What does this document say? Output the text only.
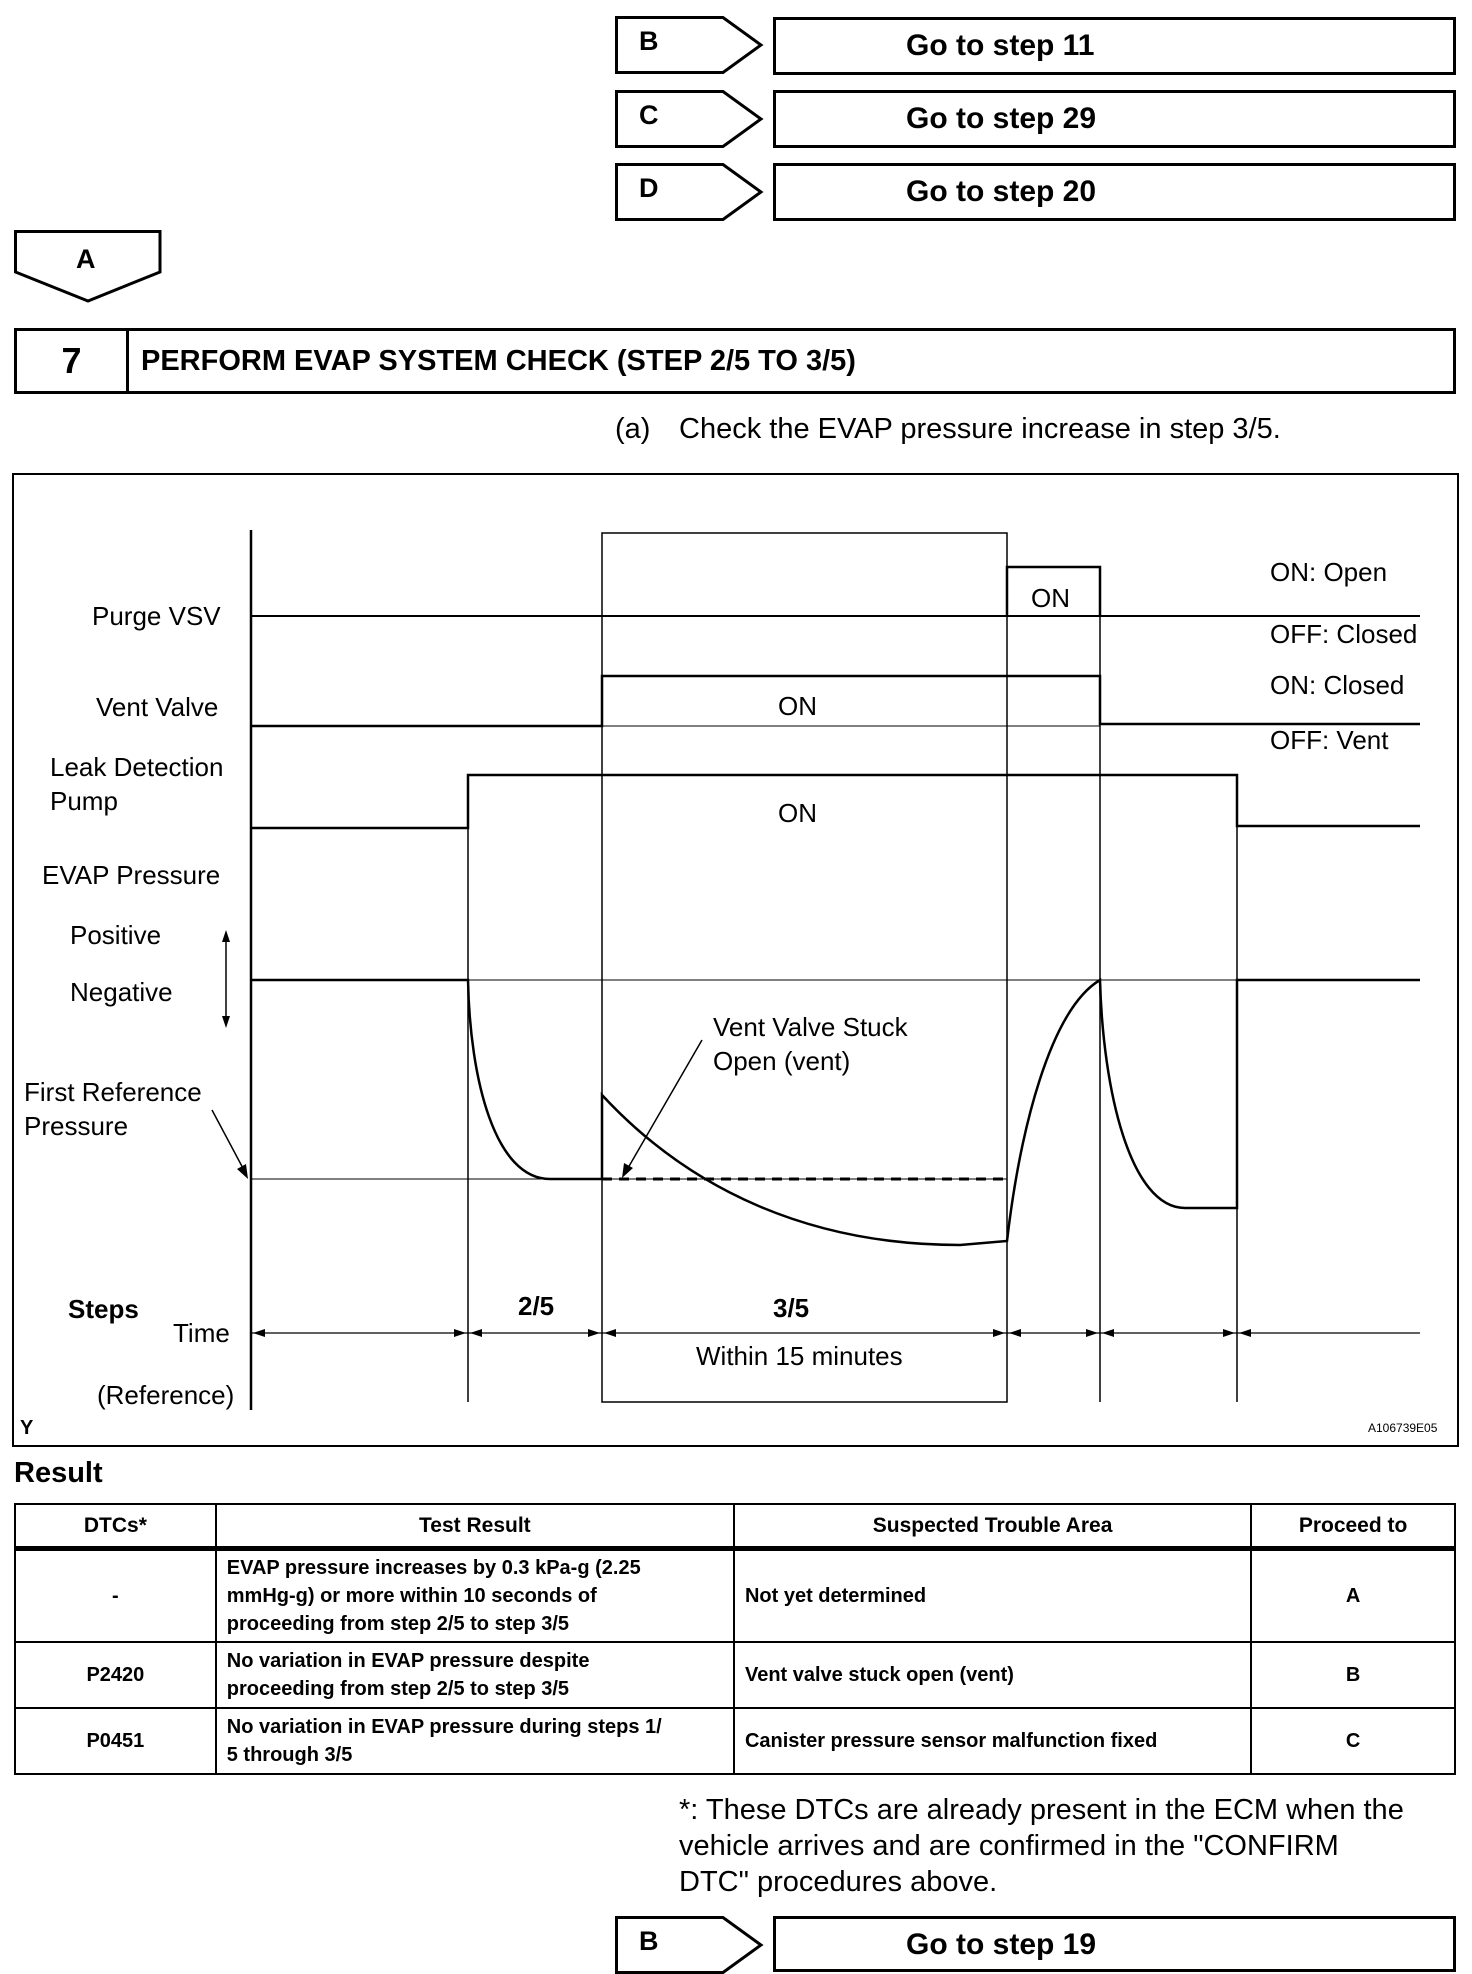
B	Go to step 11
C	Go to step 29
D	Go to step 20
A
7	PERFORM EVAP SYSTEM CHECK (STEP 2/5 TO 3/5)
(a) Check the EVAP pressure increase in step 3/5.
Purge VSV
Vent Valve
Leak Detection
Pump
EVAP Pressure
Positive
Negative
First Reference
Pressure
Vent Valve Stuck
Open (vent)
ON
ON
ON
ON: Open
OFF: Closed
ON: Closed
OFF: Vent
Steps
Time
(Reference)
2/5	3/5
Within 15 minutes
Y	A106739E05
Result
DTCs*	Test Result	Suspected Trouble Area	Proceed to
-	EVAP pressure increases by 0.3 kPa-g (2.25
mmHg-g) or more within 10 seconds of
proceeding from step 2/5 to step 3/5	Not yet determined	A
P2420	No variation in EVAP pressure despite
proceeding from step 2/5 to step 3/5	Vent valve stuck open (vent)	B
P0451	No variation in EVAP pressure during steps 1/
5 through 3/5	Canister pressure sensor malfunction fixed	C
*: These DTCs are already present in the ECM when the
vehicle arrives and are confirmed in the "CONFIRM
DTC" procedures above.
B	Go to step 19
